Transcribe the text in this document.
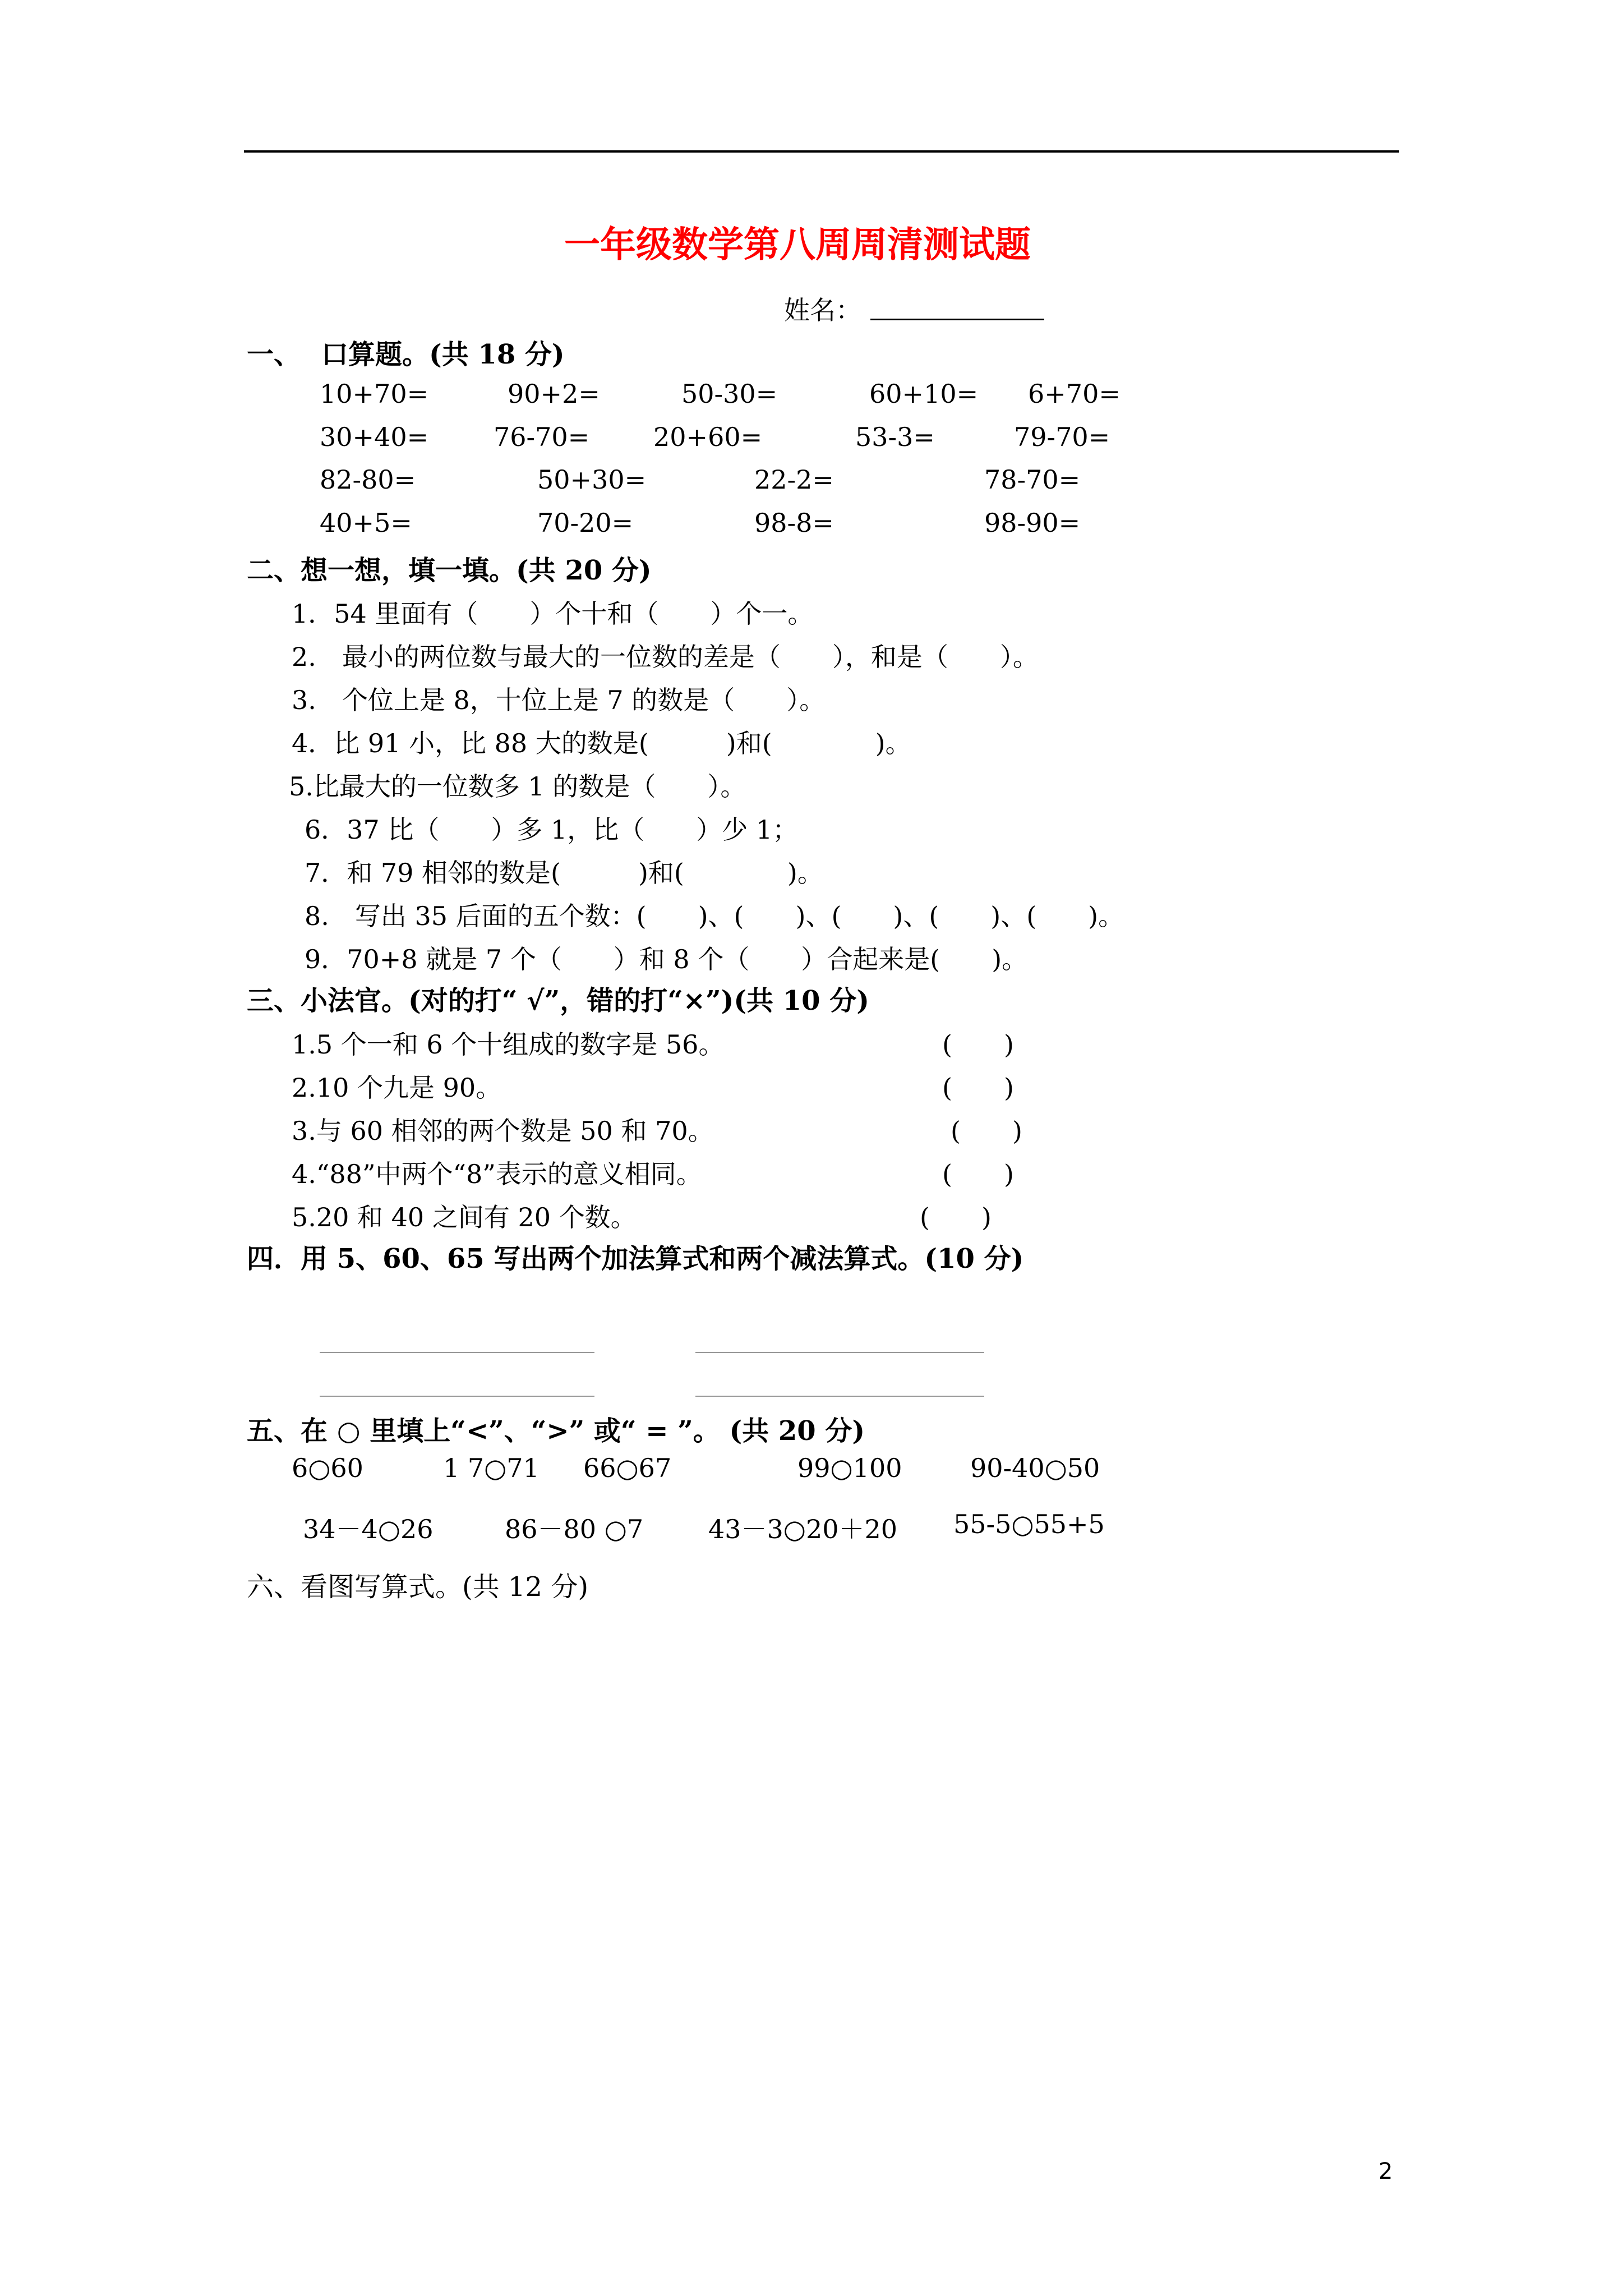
一年级数学第八周周清测试题
姓名：
一、 口算题。(共 18 分)
10+70=	90+2=	50-30=	60+10= 6+70=
30+40=	76-70= 20+60=	53-3=	79-70=
82-80=	50+30=	22-2=	78-70=
40+5=	70-20=	98-8=	98-90=
二、想一想，填一填。(共 20 分)
1．54 里面有（　　）个十和（　　）个一。
2.　最小的两位数与最大的一位数的差是（　　），和是（　　）。
3.　个位上是 8，十位上是 7 的数是（　　）。
4．比 91 小，比 88 大的数是(　　　)和(　　　　)。
5.比最大的一位数多 1 的数是（　　）。
6．37 比（　　）多 1，比（　　）少 1；
7．和 79 相邻的数是(　　　)和(　　　　)。
8.　写出 35 后面的五个数：(　　)、(　　)、(　　)、(　　)、(　　)。
9．70+8 就是 7 个（　　）和 8 个（　　）合起来是(　　)。
三、小法官。(对的打“ √”，错的打“×”)(共 10 分)
1.5 个一和 6 个十组成的数字是 56。	(　　)
2.10 个九是 90。	(　　)
3.与 60 相邻的两个数是 50 和 70。	(　　)
4.“88”中两个“8”表示的意义相同。	(　　)
5.20 和 40 之间有 20 个数。	(　　)
四．用 5、60、65 写出两个加法算式和两个减法算式。(10 分)
五、在 ○ 里填上“<”、“>” 或“ = ”。 (共 20 分)
6○60	1 7○71 66○67	99○100	90-40○50
34－4○26	86－80 ○7	43－3○20＋20 55-5○55+5
六、看图写算式。(共 12 分)
2
